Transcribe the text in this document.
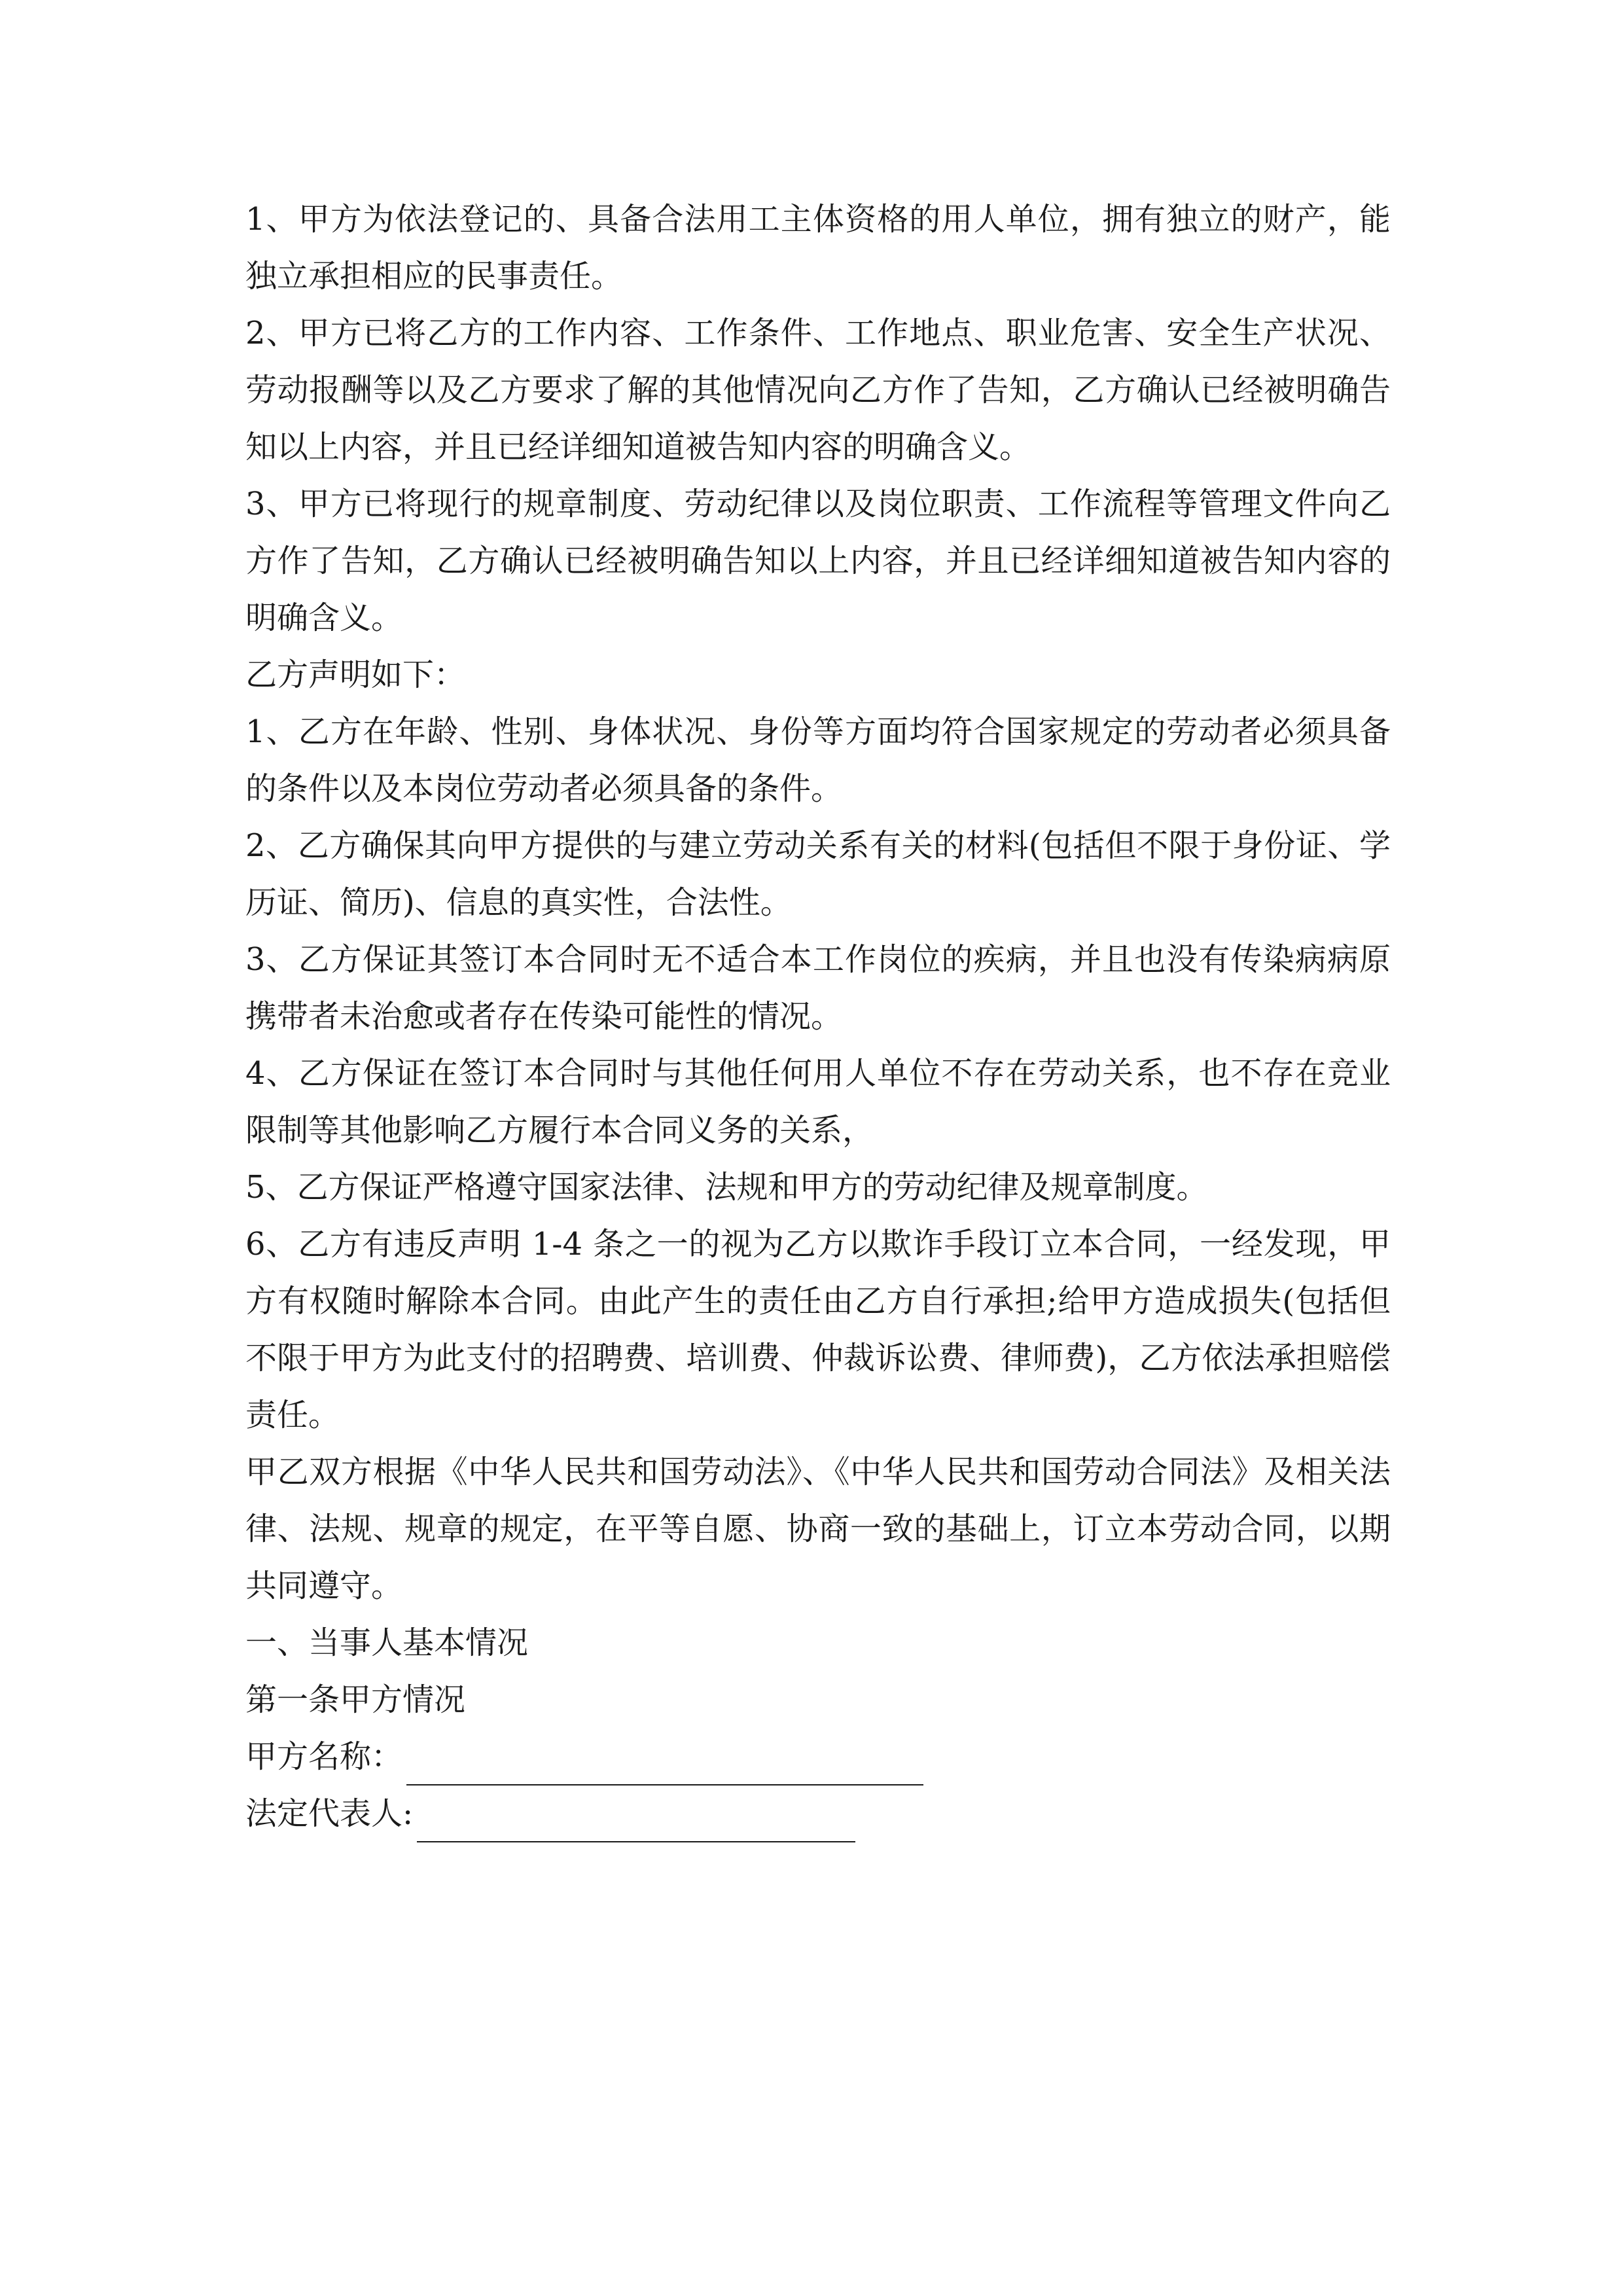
1、甲方为依法登记的、具备合法用工主体资格的用人单位，拥有独立的财产，能独立承担相应的民事责任。

2、甲方已将乙方的工作内容、工作条件、工作地点、职业危害、安全生产状况、劳动报酬等以及乙方要求了解的其他情况向乙方作了告知，乙方确认已经被明确告知以上内容，并且已经详细知道被告知内容的明确含义。

3、甲方已将现行的规章制度、劳动纪律以及岗位职责、工作流程等管理文件向乙方作了告知，乙方确认已经被明确告知以上内容，并且已经详细知道被告知内容的明确含义。

乙方声明如下：

1、乙方在年龄、性别、身体状况、身份等方面均符合国家规定的劳动者必须具备的条件以及本岗位劳动者必须具备的条件。

2、乙方确保其向甲方提供的与建立劳动关系有关的材料(包括但不限于身份证、学历证、简历)、信息的真实性，合法性。

3、乙方保证其签订本合同时无不适合本工作岗位的疾病，并且也没有传染病病原携带者未治愈或者存在传染可能性的情况。

4、乙方保证在签订本合同时与其他任何用人单位不存在劳动关系，也不存在竞业限制等其他影响乙方履行本合同义务的关系，

5、乙方保证严格遵守国家法律、法规和甲方的劳动纪律及规章制度。

6、乙方有违反声明 1-4 条之一的视为乙方以欺诈手段订立本合同，一经发现，甲方有权随时解除本合同。由此产生的责任由乙方自行承担;给甲方造成损失(包括但不限于甲方为此支付的招聘费、培训费、仲裁诉讼费、律师费)，乙方依法承担赔偿责任。

甲乙双方根据《中华人民共和国劳动法》、《中华人民共和国劳动合同法》及相关法律、法规、规章的规定，在平等自愿、协商一致的基础上，订立本劳动合同，以期共同遵守。

一、当事人基本情况

第一条甲方情况

甲方名称：
法定代表人:
